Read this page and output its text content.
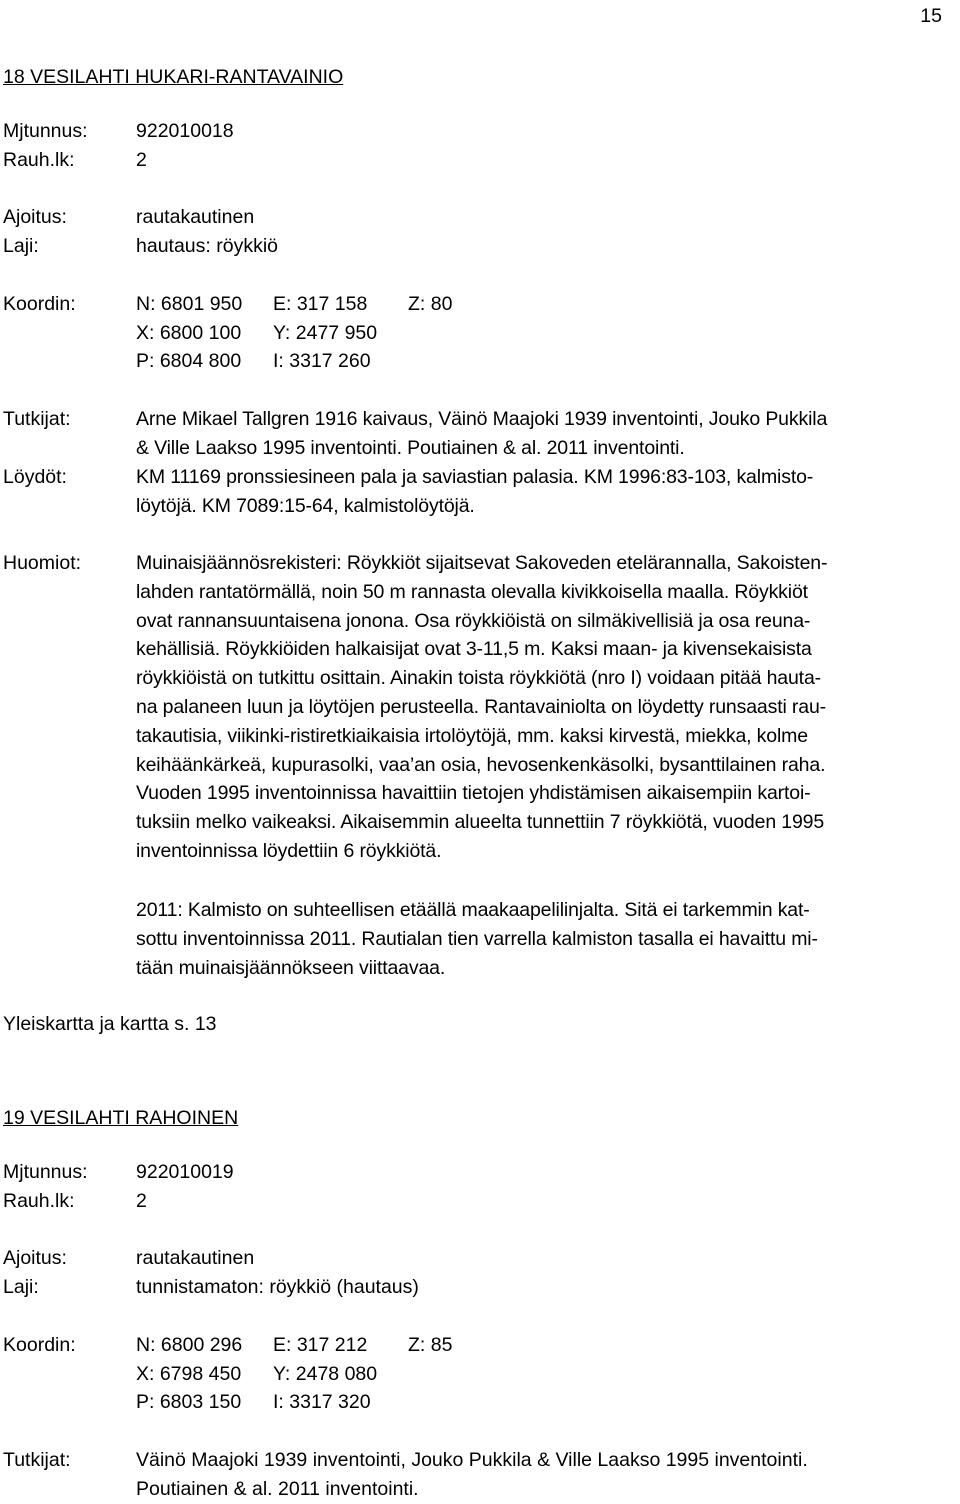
15
18 VESILAHTI HUKARI-RANTAVAINIO
Mjtunnus: 922010018
Rauh.lk:	2
Ajoitus:	rautakautinen
Laji:	hautaus: röykkiö
Koordin:	N: 6801 950 E: 317 158 Z: 80
X: 6800 100 Y: 2477 950
P: 6804 800 I: 3317 260
Tutkijat:	Arne Mikael Tallgren 1916 kaivaus, Väinö Maajoki 1939 inventointi, Jouko Pukkila
& Ville Laakso 1995 inventointi. Poutiainen & al. 2011 inventointi.
Löydöt:	KM 11169 pronssiesineen pala ja saviastian palasia. KM 1996:83-103, kalmisto-
löytöjä. KM 7089:15-64, kalmistolöytöjä.
Huomiot:	Muinaisjäännösrekisteri: Röykkiöt sijaitsevat Sakoveden etelärannalla, Sakoisten-
lahden rantatörmällä, noin 50 m rannasta olevalla kivikkoisella maalla. Röykkiöt
ovat rannansuuntaisena jonona. Osa röykkiöistä on silmäkivellisiä ja osa reuna-
kehällisiä. Röykkiöiden halkaisijat ovat 3-11,5 m. Kaksi maan- ja kivensekaisista
röykkiöistä on tutkittu osittain. Ainakin toista röykkiötä (nro I) voidaan pitää hauta-
na palaneen luun ja löytöjen perusteella. Rantavainiolta on löydetty runsaasti rau-
takautisia, viikinki-ristiretkiaikaisia irtolöytöjä, mm. kaksi kirvestä, miekka, kolme
keihäänkärkeä, kupurasolki, vaa’an osia, hevosenkenkäsolki, bysanttilainen raha.
Vuoden 1995 inventoinnissa havaittiin tietojen yhdistämisen aikaisempiin kartoi-
tuksiin melko vaikeaksi. Aikaisemmin alueelta tunnettiin 7 röykkiötä, vuoden 1995
inventoinnissa löydettiin 6 röykkiötä.
2011: Kalmisto on suhteellisen etäällä maakaapelilinjalta. Sitä ei tarkemmin kat-
sottu inventoinnissa 2011. Rautialan tien varrella kalmiston tasalla ei havaittu mi-
tään muinaisjäännökseen viittaavaa.
Yleiskartta ja kartta s. 13
19 VESILAHTI RAHOINEN
Mjtunnus: 922010019
Rauh.lk:	2
Ajoitus:	rautakautinen
Laji:	tunnistamaton: röykkiö (hautaus)
Koordin:	N: 6800 296 E: 317 212 Z: 85
X: 6798 450 Y: 2478 080
P: 6803 150 I: 3317 320
Tutkijat:	Väinö Maajoki 1939 inventointi, Jouko Pukkila & Ville Laakso 1995 inventointi.
Poutiainen & al. 2011 inventointi.
